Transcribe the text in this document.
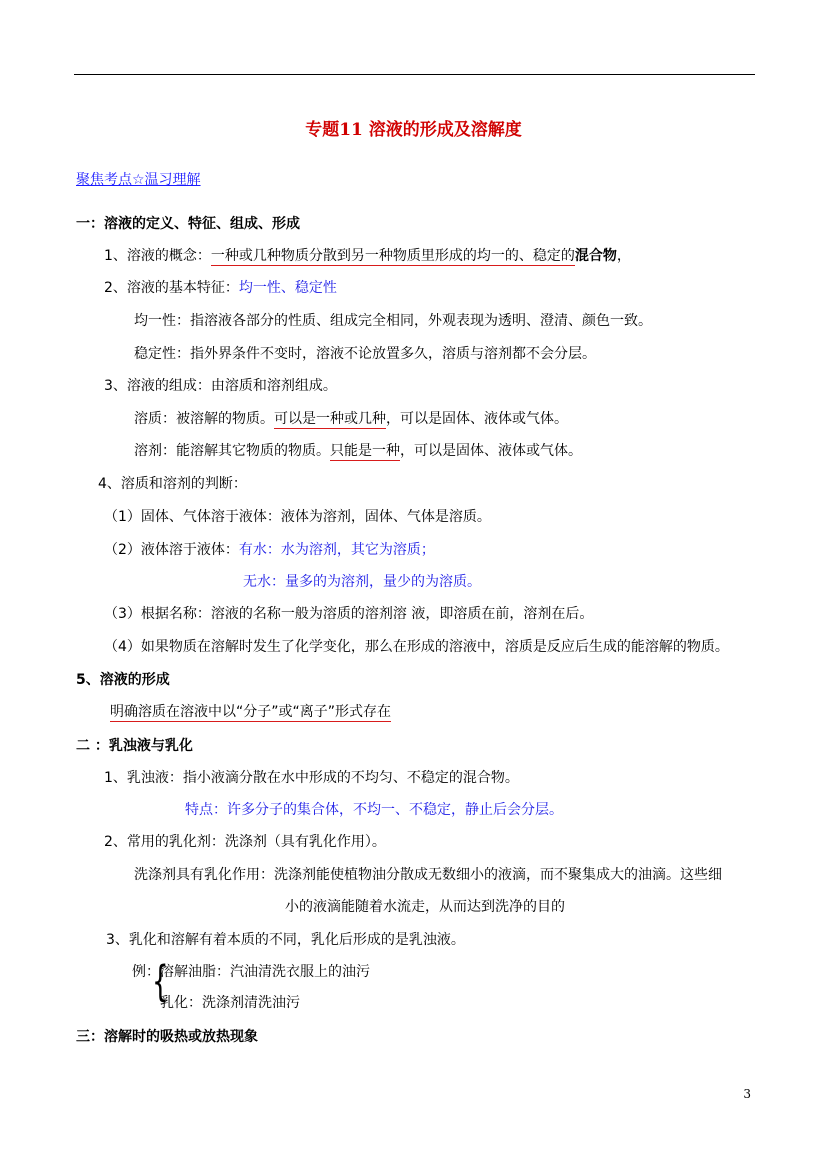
专题11 溶液的形成及溶解度
聚焦考点☆温习理解
一：溶液的定义、特征、组成、形成
1、溶液的概念：一种或几种物质分散到另一种物质里形成的均一的、稳定的混合物，
2、溶液的基本特征：均一性、稳定性
均一性：指溶液各部分的性质、组成完全相同，外观表现为透明、澄清、颜色一致。
稳定性：指外界条件不变时，溶液不论放置多久，溶质与溶剂都不会分层。
3、溶液的组成：由溶质和溶剂组成。
溶质：被溶解的物质。可以是一种或几种，可以是固体、液体或气体。
溶剂：能溶解其它物质的物质。只能是一种，可以是固体、液体或气体。
4、溶质和溶剂的判断：
（1）固体、气体溶于液体：液体为溶剂，固体、气体是溶质。
（2）液体溶于液体：有水：水为溶剂，其它为溶质；
无水：量多的为溶剂，量少的为溶质。
（3）根据名称：溶液的名称一般为溶质的溶剂溶 液，即溶质在前，溶剂在后。
（4）如果物质在溶解时发生了化学变化，那么在形成的溶液中，溶质是反应后生成的能溶解的物质。
5、溶液的形成
明确溶质在溶液中以“分子”或“离子”形式存在
二 ：乳浊液与乳化
1、乳浊液：指小液滴分散在水中形成的不均匀、不稳定的混合物。
特点：许多分子的集合体，不均一、不稳定，静止后会分层。
2、常用的乳化剂：洗涤剂（具有乳化作用）。
洗涤剂具有乳化作用：洗涤剂能使植物油分散成无数细小的液滴，而不聚集成大的油滴。这些细
小的液滴能随着水流走，从而达到洗净的目的
3、乳化和溶解有着本质的不同，乳化后形成的是乳浊液。
例：
{
溶解油脂：汽油清洗衣服上的油污
乳化：洗涤剂清洗油污
三：溶解时的吸热或放热现象
3
